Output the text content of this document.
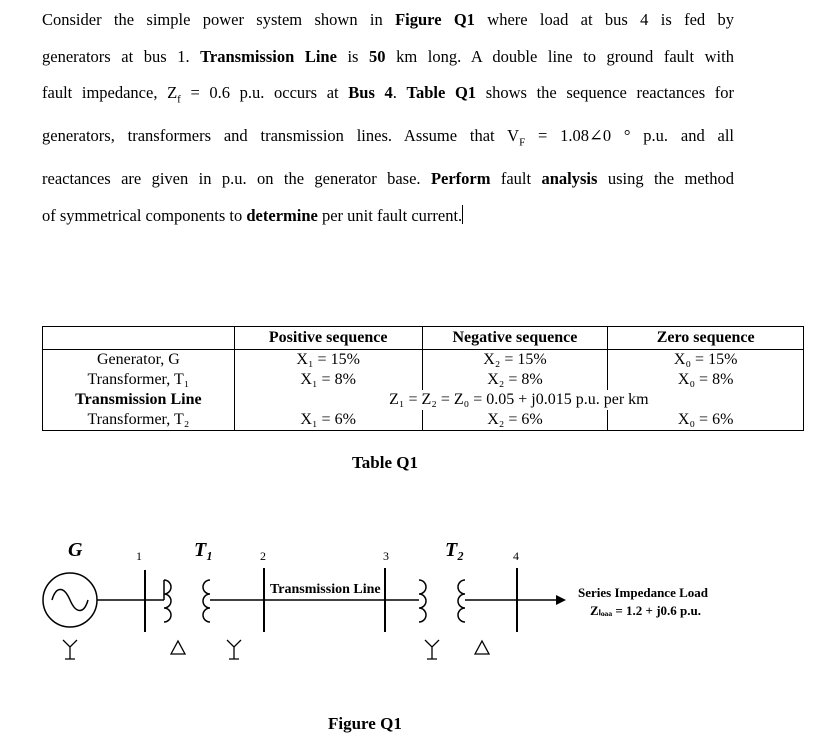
Consider the simple power system shown in Figure Q1 where load at bus 4 is fed by
generators at bus 1. Transmission Line is 50 km long. A double line to ground fault with
fault impedance, $Z_f = 0.6$ p.u. occurs at Bus 4. Table Q1 shows the sequence reactances for
generators, transformers and transmission lines. Assume that $V_F$ = 1.08∠0 ° p.u. and all
reactances are given in p.u. on the generator base. Perform fault analysis using the method
of symmetrical components to determine per unit fault current.
	Positive sequence	Negative sequence	Zero sequence
Generator, G	X₁ = 15%	X₂ = 15%	X₀ = 15%
Transformer, T₁	X₁ = 8%	X₂ = 8%	X₀ = 8%
Transmission Line	Z₁ = Z₂ = Z₀ = 0.05 + j0.015 p.u. per km		
Transformer, T₂	X₁ = 6%	X₂ = 6%	X₀ = 6%
Table Q1
G	1	T₁	2
Transmission Line
3	T₂	4
Series Impedance Load
Zₗₒₐₐ = 1.2 + j0.6 p.u.
Figure Q1
